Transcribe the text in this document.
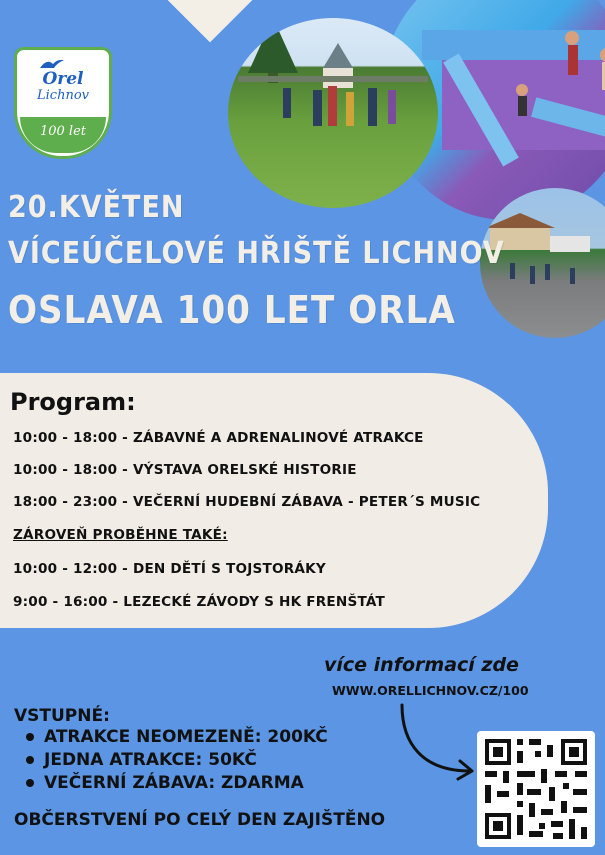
Orel
Lichnov
100 let
20.KVĚTEN
VÍCEÚČELOVÉ HŘIŠTĚ LICHNOV
OSLAVA 100 LET ORLA
Program:
10:00 - 18:00 - ZÁBAVNÉ A ADRENALINOVÉ ATRAKCE
10:00 - 18:00 - VÝSTAVA ORELSKÉ HISTORIE
18:00 - 23:00 - VEČERNÍ HUDEBNÍ ZÁBAVA - PETER´S MUSIC
ZÁROVEŇ PROBĚHNE TAKÉ:
10:00 - 12:00 - DEN DĚTÍ S TOJSTORÁKY
9:00 - 16:00 - LEZECKÉ ZÁVODY S HK FRENŠTÁT
více informací zde
WWW.ORELLICHNOV.CZ/100
VSTUPNÉ:
ATRAKCE NEOMEZENĚ: 200KČ
JEDNA ATRAKCE: 50KČ
VEČERNÍ ZÁBAVA: ZDARMA
OBČERSTVENÍ PO CELÝ DEN ZAJIŠTĚNO
